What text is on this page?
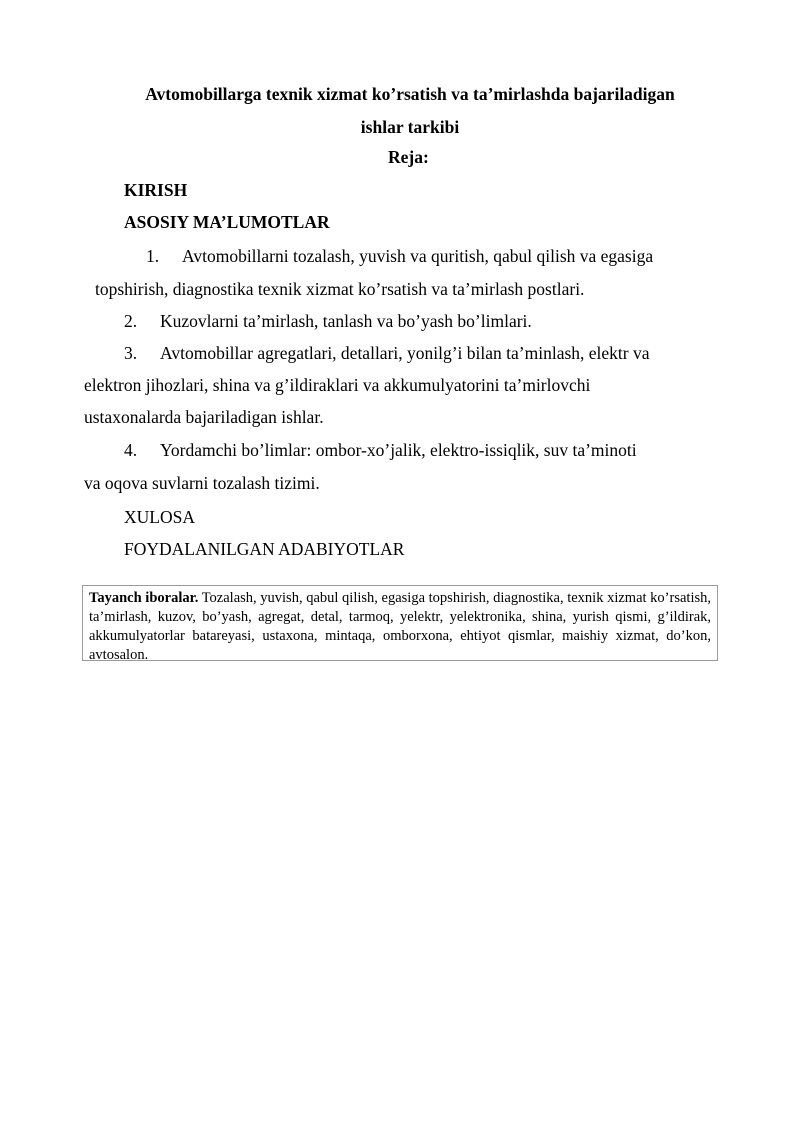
Avtomobillarga texnik xizmat ko’rsatish va ta’mirlashda bajariladigan
ishlar tarkibi
Reja:
KIRISH
ASOSIY MA’LUMOTLAR
1. Avtomobillarni tozalash, yuvish va quritish, qabul qilish va egasiga
topshirish, diagnostika texnik xizmat ko’rsatish va ta’mirlash postlari.
2. Kuzovlarni ta’mirlash, tanlash va bo’yash bo’limlari.
3. Avtomobillar agregatlari, detallari, yonilg’i bilan ta’minlash, elektr va
elektron jihozlari, shina va g’ildiraklari va akkumulyatorini ta’mirlovchi
ustaxonalarda bajariladigan ishlar.
4. Yordamchi bo’limlar: ombor-xo’jalik, elektro-issiqlik, suv ta’minoti
va oqova suvlarni tozalash tizimi.
XULOSA
FOYDALANILGAN ADABIYOTLAR
Tayanch iboralar. Tozalash, yuvish, qabul qilish, egasiga topshirish, diagnostika, texnik xizmat ko’rsatish, ta’mirlash, kuzov, bo’yash, agregat, detal, tarmoq, yelektr, yelektronika, shina, yurish qismi, g’ildirak, akkumulyatorlar batareyasi, ustaxona, mintaqa, omborxona, ehtiyot qismlar, maishiy xizmat, do’kon, avtosalon.
